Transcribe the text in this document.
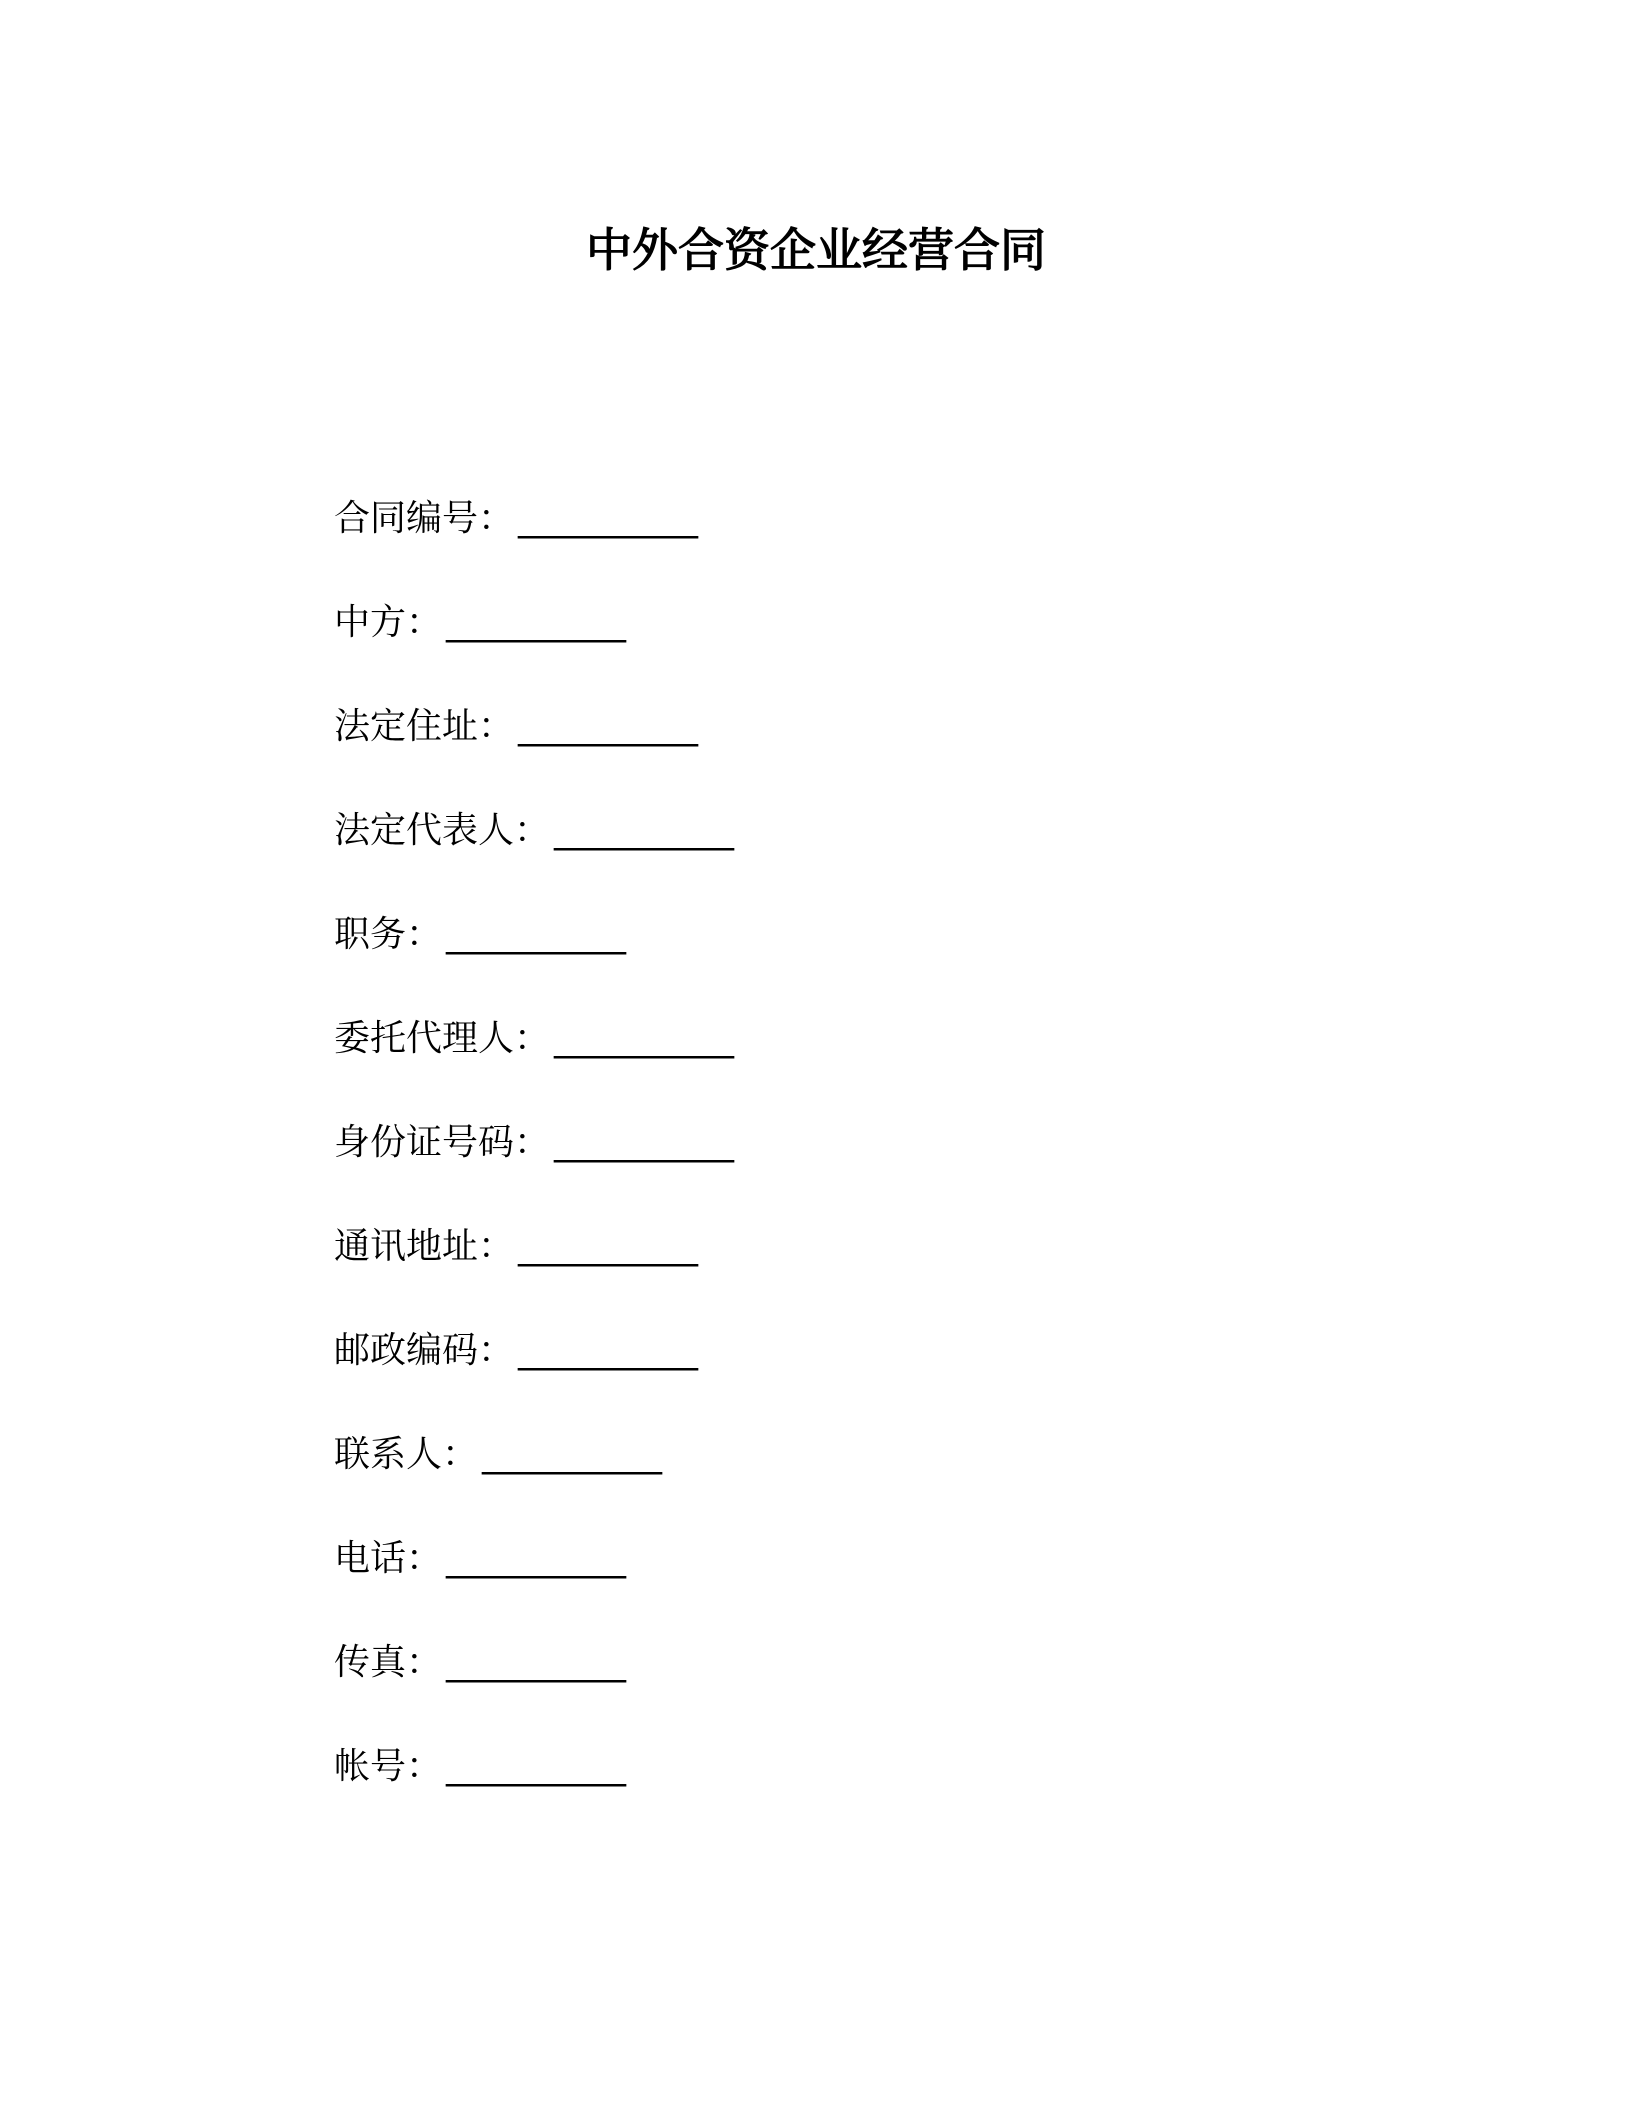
中外合资企业经营合同
合同编号： __________
中方： __________
法定住址： __________
法定代表人： __________
职务： __________
委托代理人： __________
身份证号码： __________
通讯地址： __________
邮政编码： __________
联系人： __________
电话： __________
传真： __________
帐号： __________
